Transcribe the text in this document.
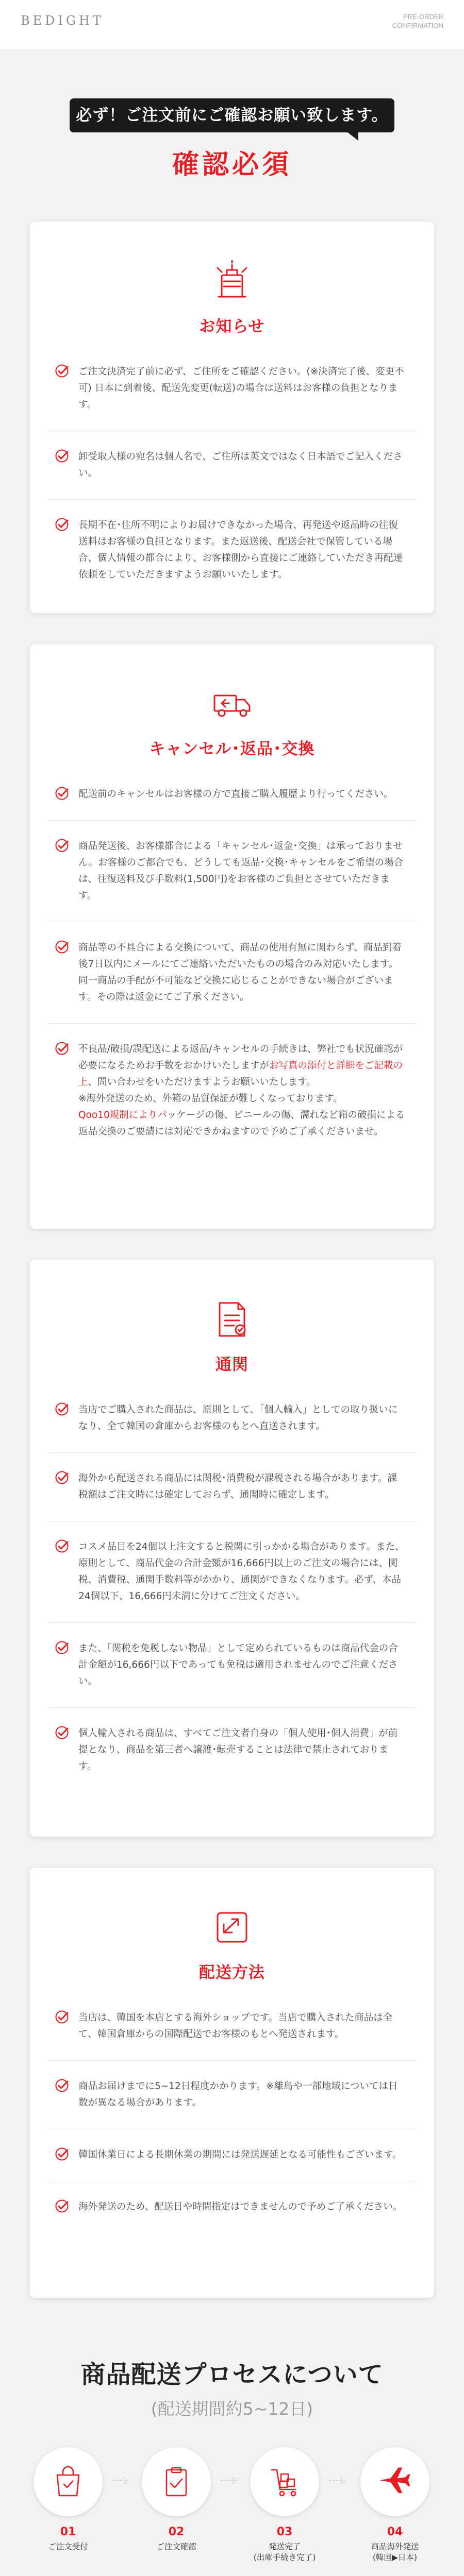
BEDIGHT	PRE-ORDER
CONFIRMATION
必ず！ご注文前にご確認お願い致します。
確認必須
お知らせ

ご注文決済完了前に必ず、ご住所をご確認ください。(※決済完了後、変更不可) 日本に到着後、配送先変更(転送)の場合は送料はお客様の負担となります。

卸受取人様の宛名は個人名で、ご住所は英文ではなく日本語でご記入ください。

長期不在･住所不明によりお届けできなかった場合、再発送や返品時の往復送料はお客様の負担となります。また返送後、配送会社で保管している場合、個人情報の都合により、お客様側から直接にご連絡していただき再配達依頼をしていただきますようお願いいたします。

キャンセル･返品･交換

配送前のキャンセルはお客様の方で直接ご購入履歴より行ってください。

商品発送後、お客様都合による「キャンセル･返金･交換」は承っておりません。お客様のご都合でも、どうしても返品･交換･キャンセルをご希望の場合は、往復送料及び手数料(1,500円)をお客様のご負担とさせていただきます。

商品等の不具合による交換について、商品の使用有無に関わらず、商品到着後7日以内にメールにてご連絡いただいたものの場合のみ対応いたします。同一商品の手配が不可能など交換に応じることができない場合がございます。その際は返金にてご了承ください。

不良品/破損/誤配送による返品/キャンセルの手続きは、弊社でも状況確認が必要になるためお手数をおかけいたしますがお写真の添付と詳細をご記載の上、問い合わせをいただけますようお願いいたします。
※海外発送のため、外箱の品質保証が難しくなっております。
Qoo10規制によりパッケージの傷、ビニールの傷、濡れなど箱の破損による返品交換のご要請には対応できかねますので予めご了承くださいませ。

通関

当店でご購入された商品は、原則として、「個人輸入」としての取り扱いになり、全て韓国の倉庫からお客様のもとへ直送されます。

海外から配送される商品には関税･消費税が課税される場合があります。課税額はご注文時には確定しておらず、通関時に確定します。

コスメ品目を24個以上注文すると税関に引っかかる場合があります。また、原則として、商品代金の合計金額が16,666円以上のご注文の場合には、関税、消費税、通関手数料等がかかり、通関ができなくなります。必ず、本品24個以下、16,666円未満に分けてご注文ください。

また、「関税を免税しない物品」として定められているものは商品代金の合計金額が16,666円以下であっても免税は適用されませんのでご注意ください。

個人輸入される商品は、すべてご注文者自身の「個人使用･個人消費」が前提となり、商品を第三者へ譲渡･転売することは法律で禁止されております。

配送方法

当店は、韓国を本店とする海外ショップです。当店で購入された商品は全て、韓国倉庫からの国際配送でお客様のもとへ発送されます。

商品お届けまでに5~12日程度かかります。※離島や一部地域については日数が異なる場合があります。

韓国休業日による長期休業の期間には発送遅延となる可能性もございます。

海外発送のため、配送日や時間指定はできませんので予めご了承ください。

商品配送プロセスについて
(配送期間約5~12日)
01
ご注文受付
02
ご注文確認
03
発送完了
(出庫手続き完了)
04
商品海外発送
(韓国▶日本)
